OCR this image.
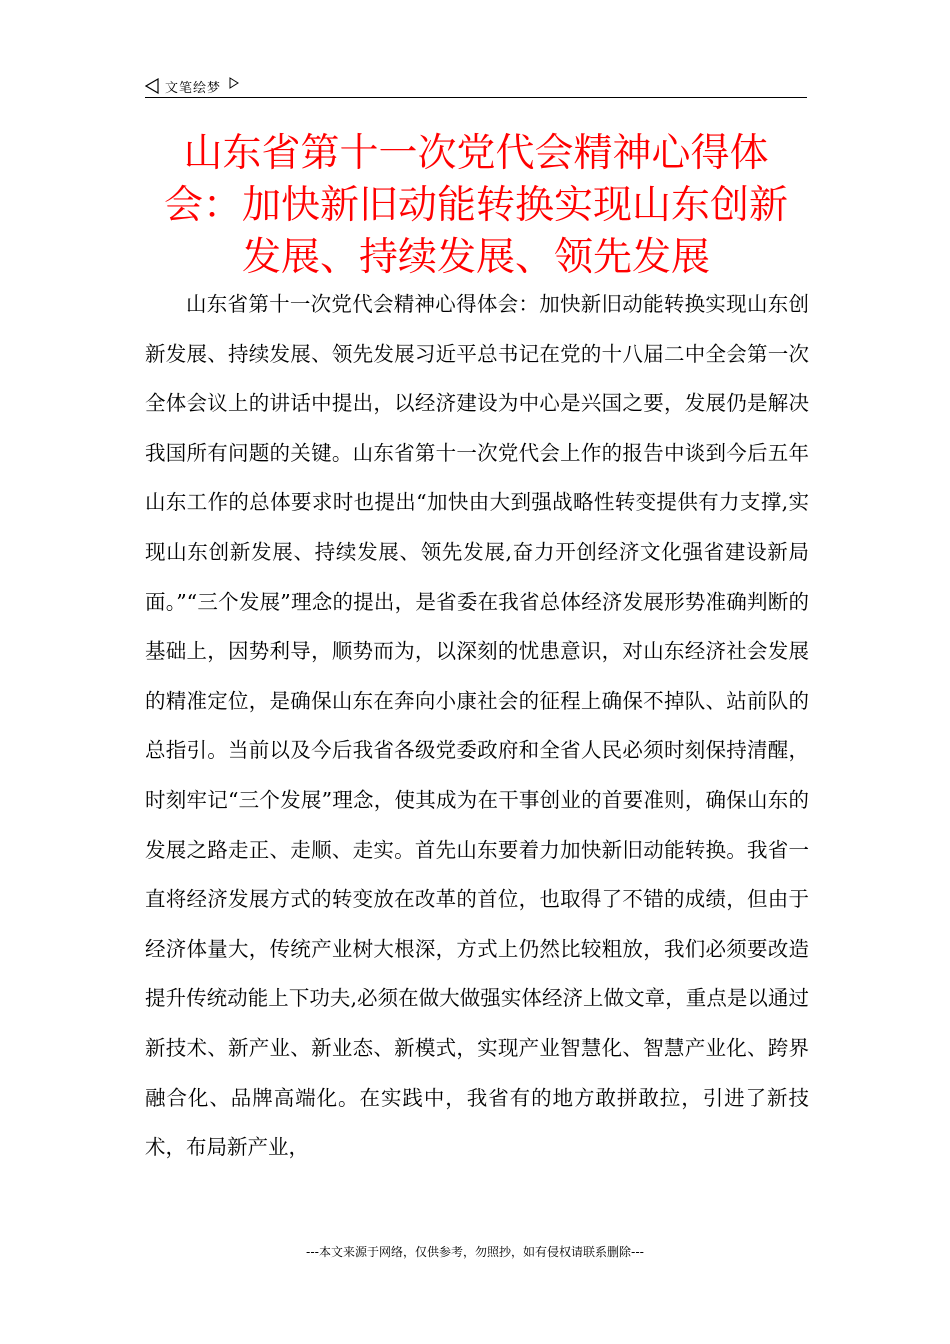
文笔绘梦
山东省第十一次党代会精神心得体会：加快新旧动能转换实现山东创新发展、持续发展、领先发展

山东省第十一次党代会精神心得体会：加快新旧动能转换实现山东创新发展、持续发展、领先发展习近平总书记在党的十八届二中全会第一次全体会议上的讲话中提出，以经济建设为中心是兴国之要，发展仍是解决我国所有问题的关键。山东省第十一次党代会上作的报告中谈到今后五年山东工作的总体要求时也提出“加快由大到强战略性转变提供有力支撑,实现山东创新发展、持续发展、领先发展,奋力开创经济文化强省建设新局面。”“三个发展”理念的提出，是省委在我省总体经济发展形势准确判断的基础上，因势利导，顺势而为，以深刻的忧患意识，对山东经济社会发展的精准定位，是确保山东在奔向小康社会的征程上确保不掉队、站前队的总指引。当前以及今后我省各级党委政府和全省人民必须时刻保持清醒，时刻牢记“三个发展”理念，使其成为在干事创业的首要准则，确保山东的发展之路走正、走顺、走实。首先山东要着力加快新旧动能转换。我省一直将经济发展方式的转变放在改革的首位，也取得了不错的成绩，但由于经济体量大，传统产业树大根深，方式上仍然比较粗放，我们必须要改造提升传统动能上下功夫,必须在做大做强实体经济上做文章，重点是以通过新技术、新产业、新业态、新模式，实现产业智慧化、智慧产业化、跨界融合化、品牌高端化。在实践中，我省有的地方敢拼敢拉，引进了新技术，布局新产业，

---本文来源于网络，仅供参考，勿照抄，如有侵权请联系删除---
